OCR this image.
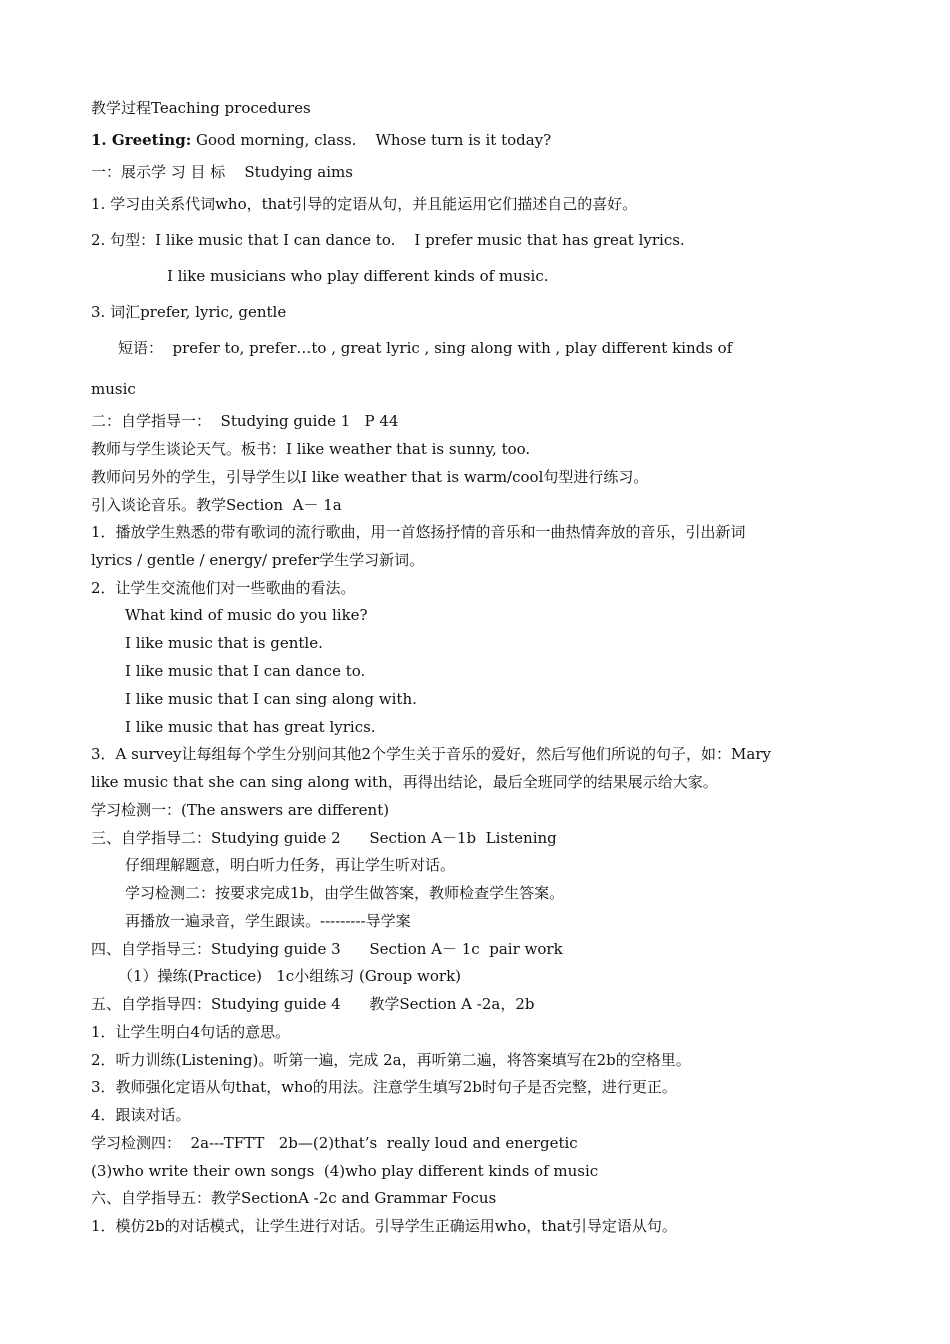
教学过程Teaching procedures
1. Greeting: Good morning, class.    Whose turn is it today?
一：展示学 习 目 标    Studying aims
1. 学习由关系代词who，that引导的定语从句，并且能运用它们描述自己的喜好。
2. 句型：I like music that I can dance to.    I prefer music that has great lyrics.
I like musicians who play different kinds of music.
3. 词汇prefer, lyric, gentle
短语：  prefer to, prefer…to , great lyric , sing along with , play different kinds of
music
二：自学指导一：  Studying guide 1   P 44
教师与学生谈论天气。板书：I like weather that is sunny, too.
教师问另外的学生，引导学生以I like weather that is warm/cool句型进行练习。
引入谈论音乐。教学Section  A－ 1a
1．播放学生熟悉的带有歌词的流行歌曲，用一首悠扬抒情的音乐和一曲热情奔放的音乐，引出新词
lyrics / gentle / energy/ prefer学生学习新词。
2．让学生交流他们对一些歌曲的看法。
What kind of music do you like?
I like music that is gentle.
I like music that I can dance to.
I like music that I can sing along with.
I like music that has great lyrics.
3．A survey让每组每个学生分别问其他2个学生关于音乐的爱好，然后写他们所说的句子，如：Mary
like music that she can sing along with，再得出结论，最后全班同学的结果展示给大家。
学习检测一：(The answers are different)
三、自学指导二：Studying guide 2      Section A－1b  Listening
仔细理解题意，明白听力任务，再让学生听对话。
学习检测二：按要求完成1b，由学生做答案，教师检查学生答案。
再播放一遍录音，学生跟读。---------导学案
四、自学指导三：Studying guide 3      Section A－ 1c  pair work
（1）操练(Practice)   1c小组练习 (Group work)
五、自学指导四：Studying guide 4      教学Section A -2a，2b
1．让学生明白4句话的意思。
2．听力训练(Listening)。听第一遍，完成 2a，再听第二遍，将答案填写在2b的空格里。
3．教师强化定语从句that，who的用法。注意学生填写2b时句子是否完整，进行更正。
4．跟读对话。
学习检测四：  2a---TFTT   2b—(2)that’s  really loud and energetic
(3)who write their own songs  (4)who play different kinds of music
六、自学指导五：教学SectionA -2c and Grammar Focus
1．模仿2b的对话模式，让学生进行对话。引导学生正确运用who，that引导定语从句。
